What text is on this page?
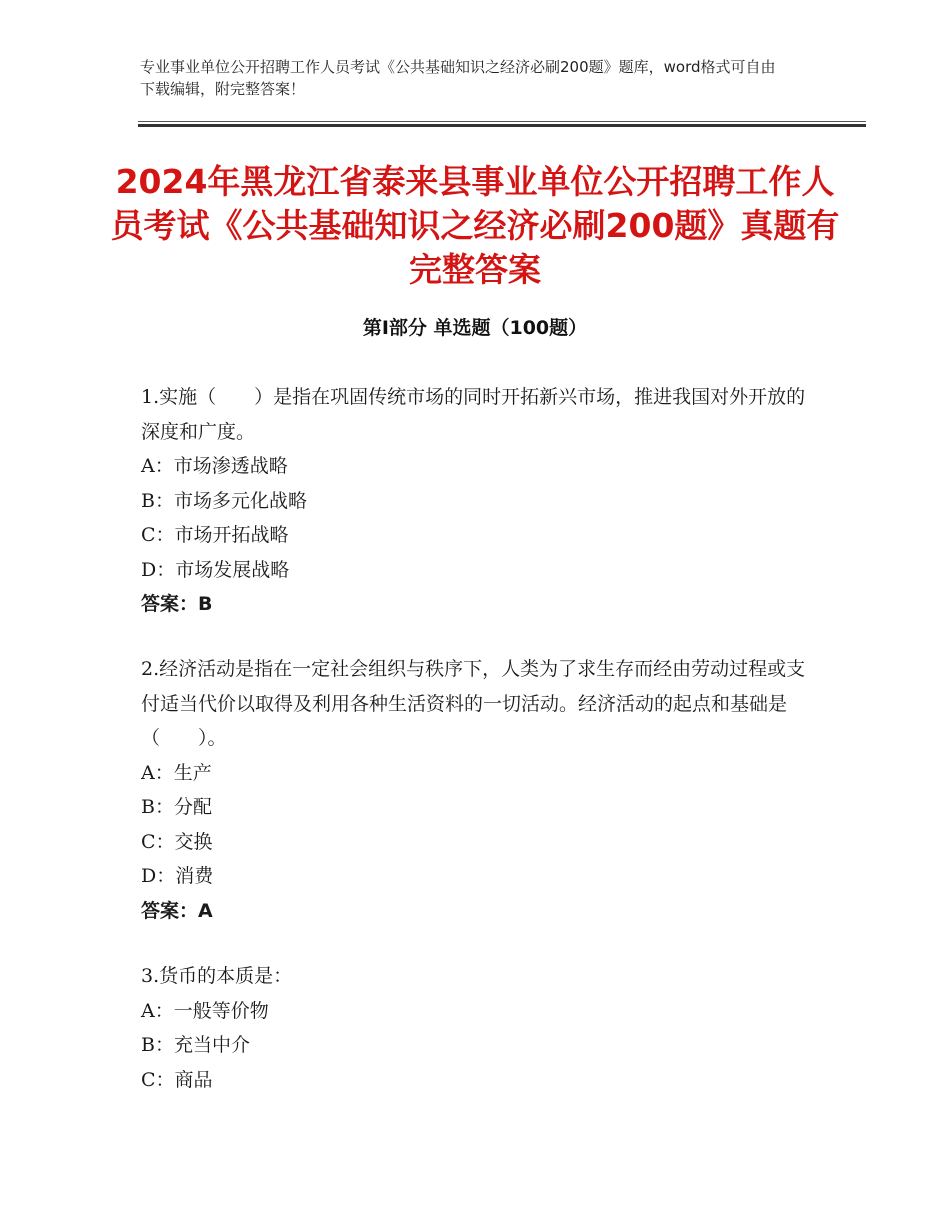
专业事业单位公开招聘工作人员考试《公共基础知识之经济必刷200题》题库，word格式可自由下载编辑，附完整答案！
2024年黑龙江省泰来县事业单位公开招聘工作人员考试《公共基础知识之经济必刷200题》真题有完整答案
第Ⅰ部分 单选题（100题）

1.实施（　　）是指在巩固传统市场的同时开拓新兴市场，推进我国对外开放的深度和广度。

A：市场渗透战略

B：市场多元化战略

C：市场开拓战略

D：市场发展战略

答案：B

2.经济活动是指在一定社会组织与秩序下，人类为了求生存而经由劳动过程或支付适当代价以取得及利用各种生活资料的一切活动。经济活动的起点和基础是（　　）。

A：生产

B：分配

C：交换

D：消费

答案：A

3.货币的本质是：

A：一般等价物

B：充当中介

C：商品
